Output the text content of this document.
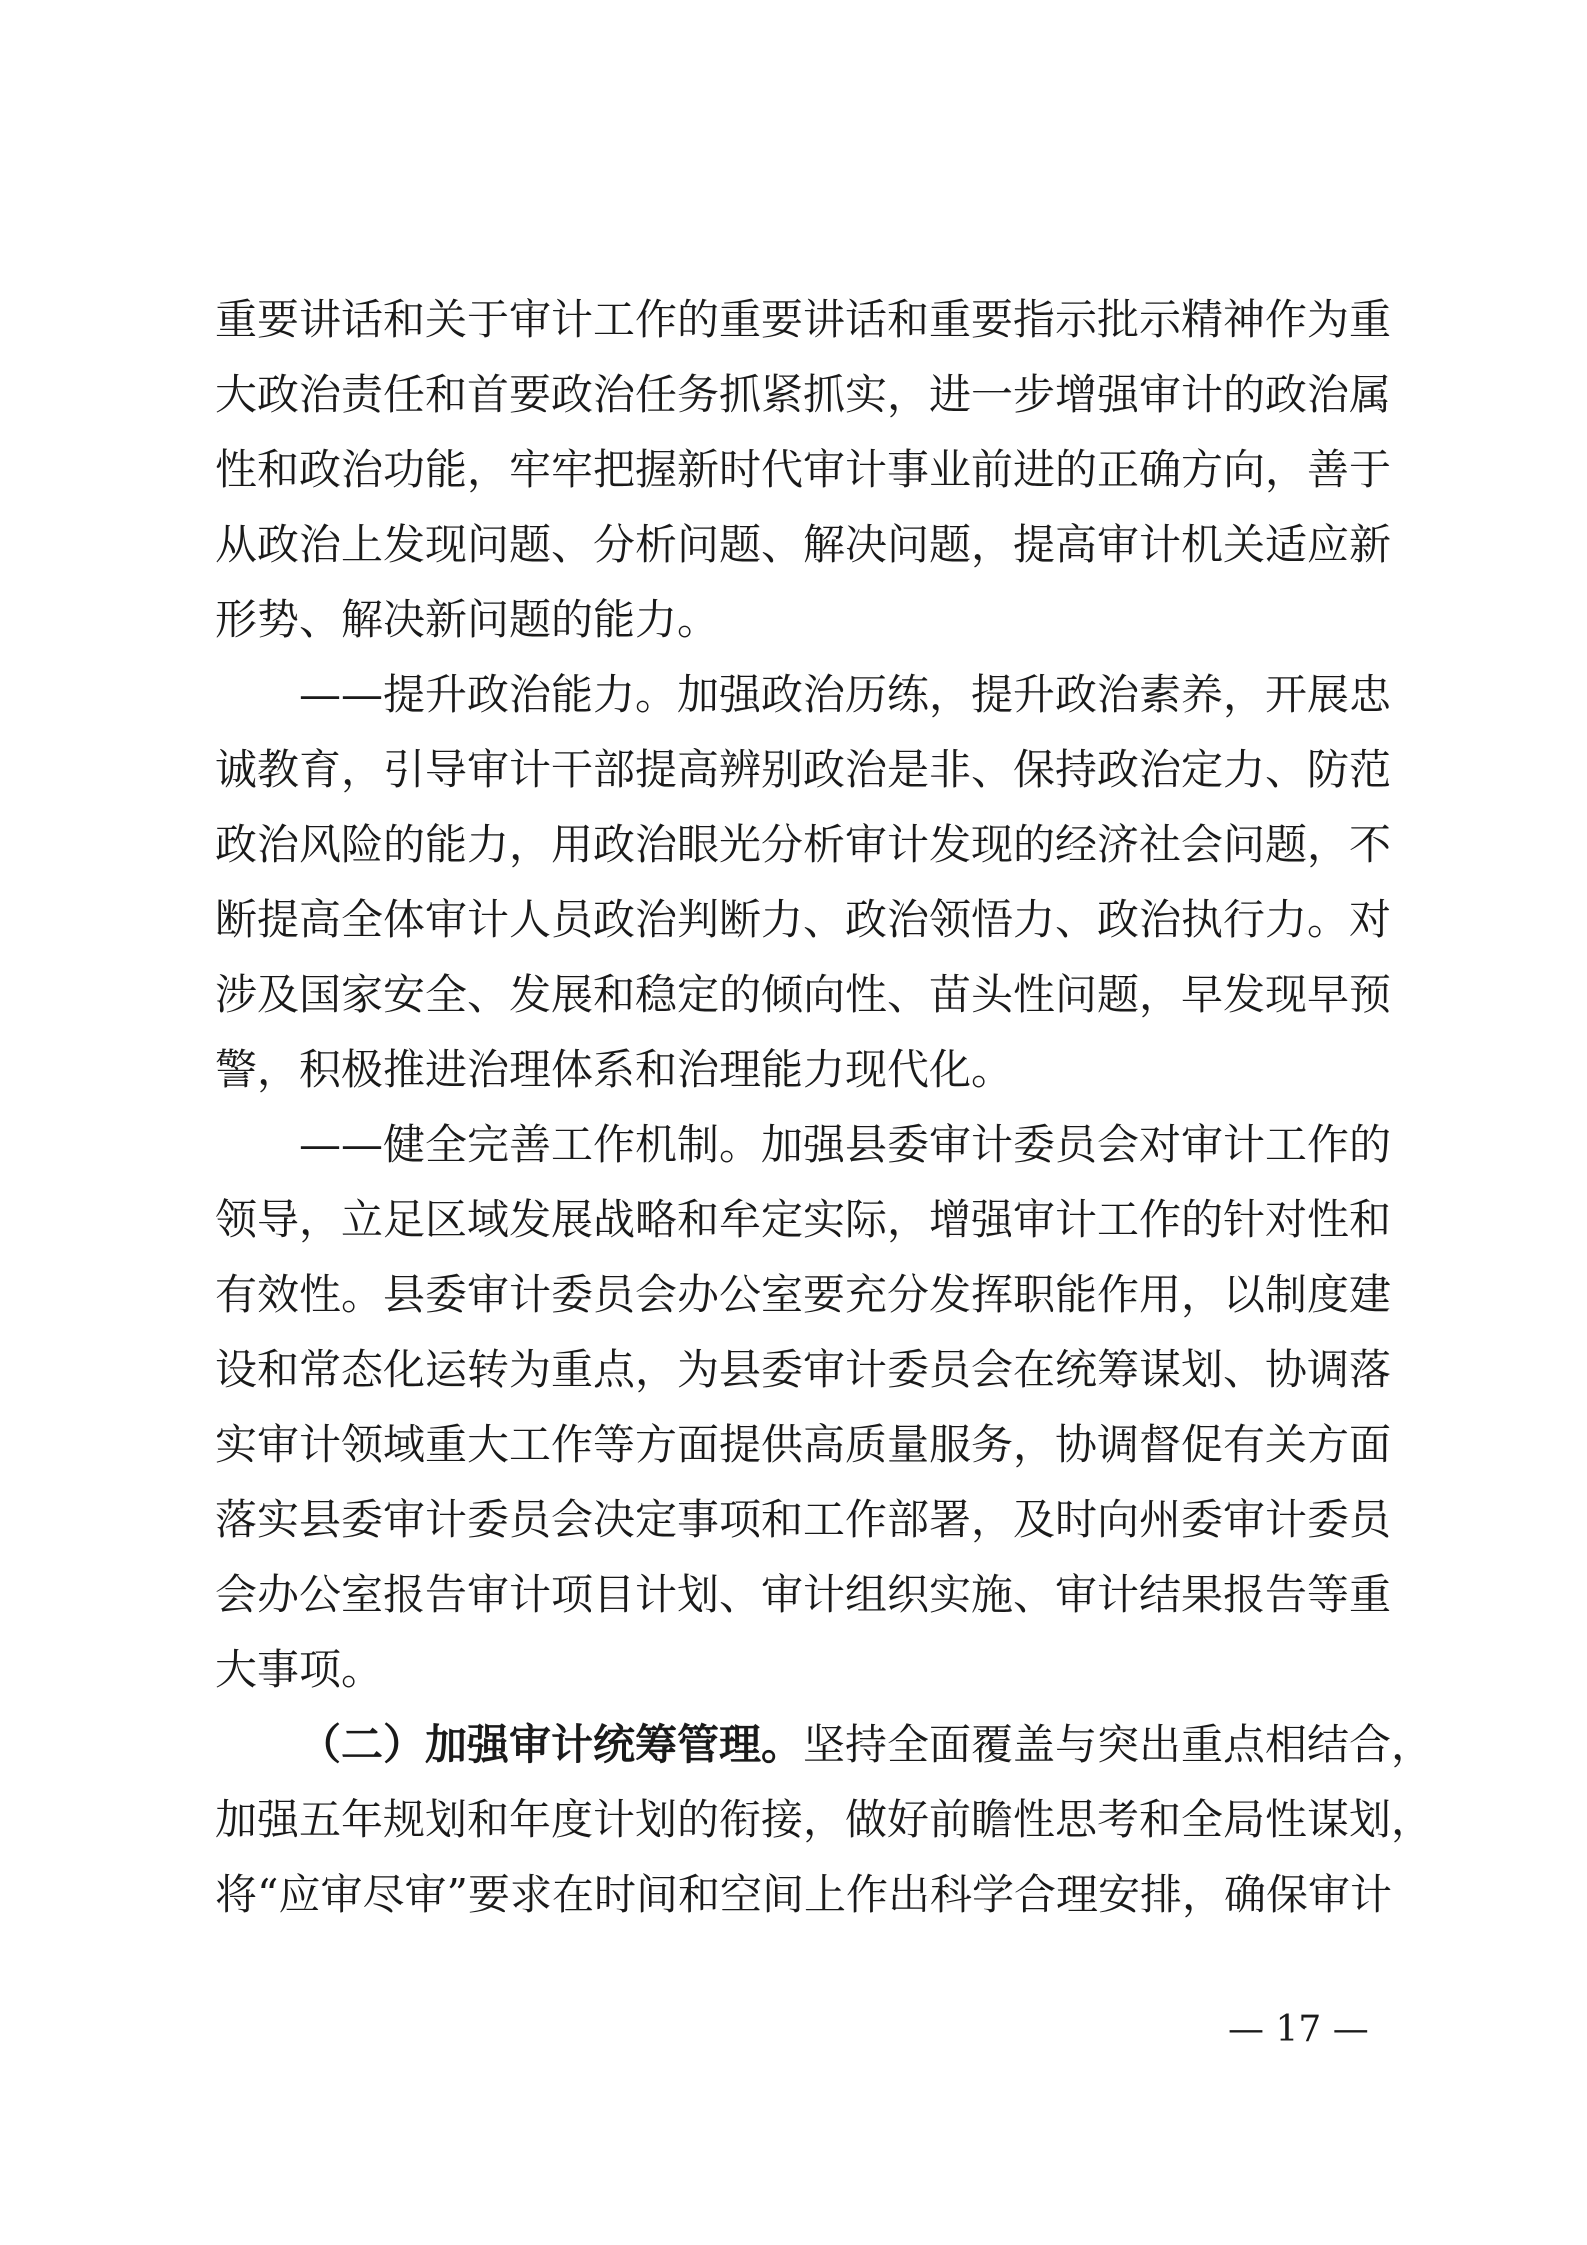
重要讲话和关于审计工作的重要讲话和重要指示批示精神作为重
大政治责任和首要政治任务抓紧抓实，进一步增强审计的政治属
性和政治功能，牢牢把握新时代审计事业前进的正确方向，善于
从政治上发现问题、分析问题、解决问题，提高审计机关适应新
形势、解决新问题的能力。
——提升政治能力。加强政治历练，提升政治素养，开展忠
诚教育，引导审计干部提高辨别政治是非、保持政治定力、防范
政治风险的能力，用政治眼光分析审计发现的经济社会问题，不
断提高全体审计人员政治判断力、政治领悟力、政治执行力。对
涉及国家安全、发展和稳定的倾向性、苗头性问题，早发现早预
警，积极推进治理体系和治理能力现代化。
——健全完善工作机制。加强县委审计委员会对审计工作的
领导，立足区域发展战略和牟定实际，增强审计工作的针对性和
有效性。县委审计委员会办公室要充分发挥职能作用，以制度建
设和常态化运转为重点，为县委审计委员会在统筹谋划、协调落
实审计领域重大工作等方面提供高质量服务，协调督促有关方面
落实县委审计委员会决定事项和工作部署，及时向州委审计委员
会办公室报告审计项目计划、审计组织实施、审计结果报告等重
大事项。
（二）加强审计统筹管理。坚持全面覆盖与突出重点相结合，
加强五年规划和年度计划的衔接，做好前瞻性思考和全局性谋划，
将“应审尽审”要求在时间和空间上作出科学合理安排，确保审计
— 17 —
